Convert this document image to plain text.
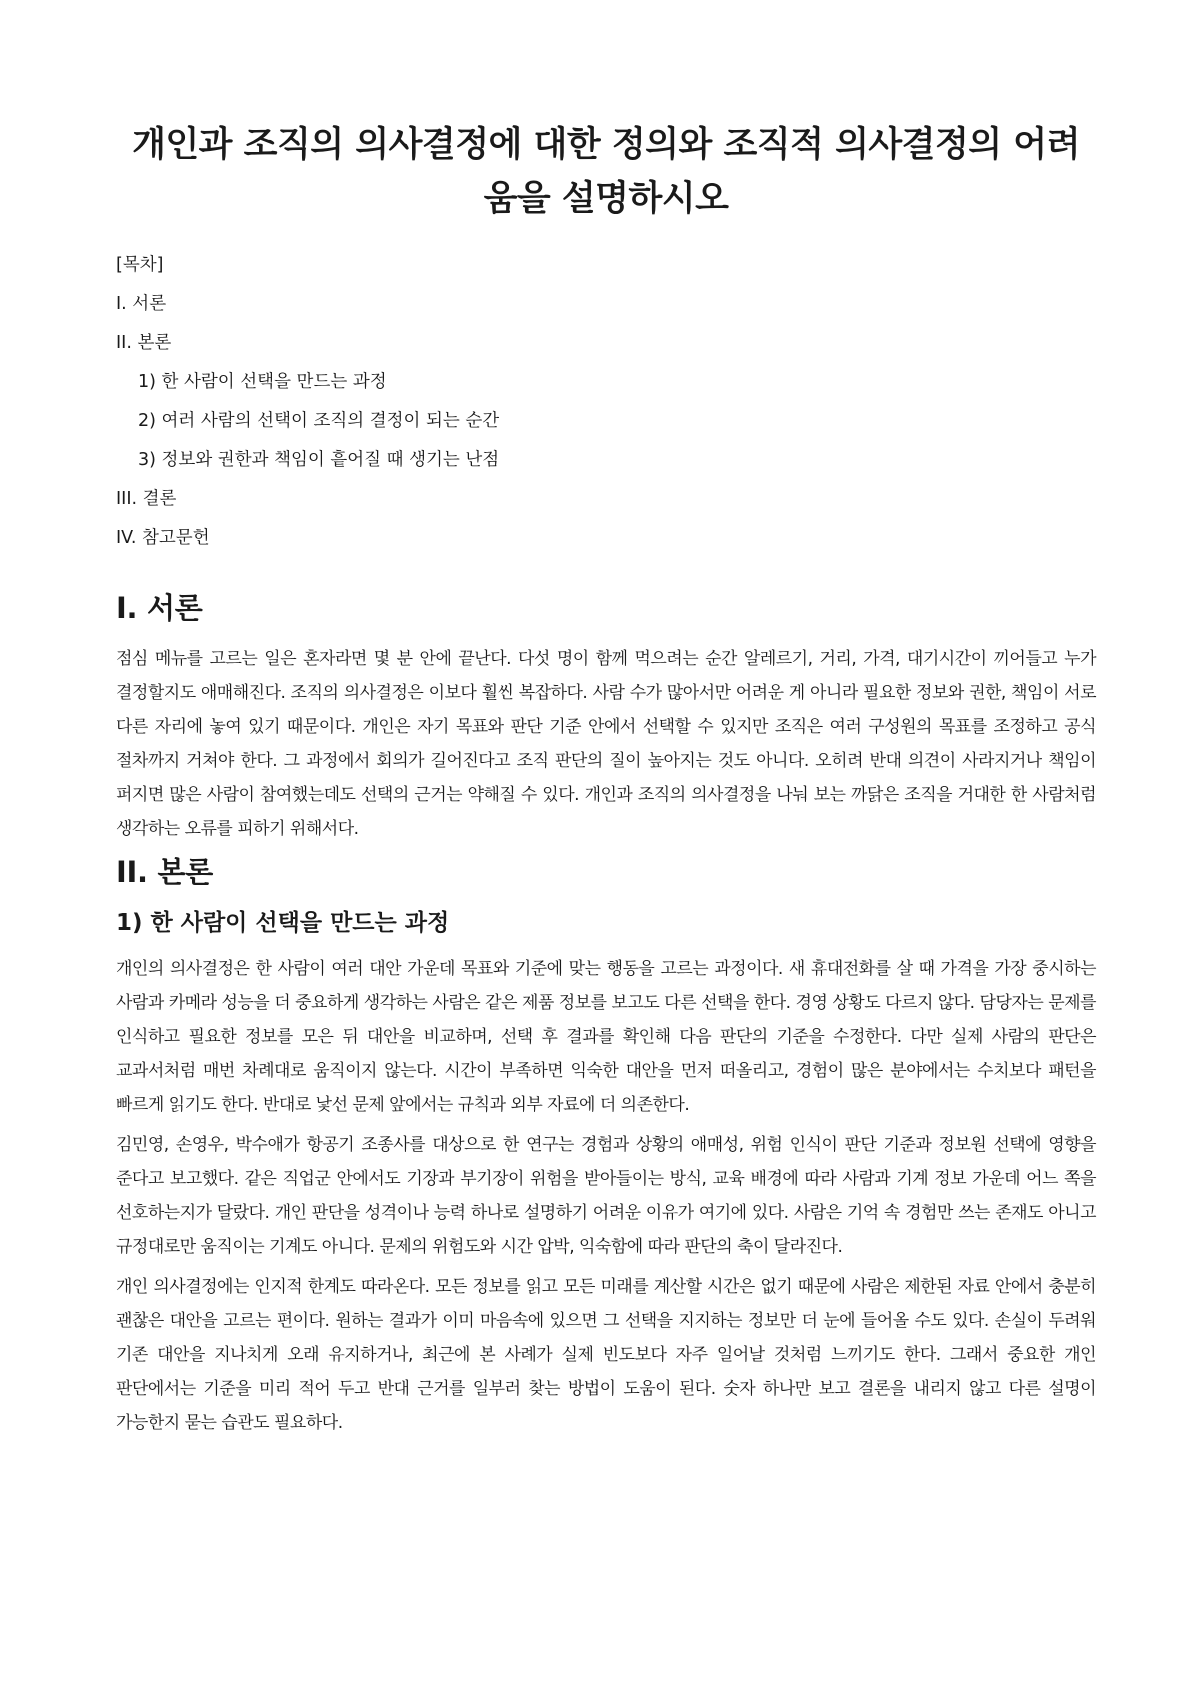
개인과 조직의 의사결정에 대한 정의와 조직적 의사결정의 어려움을 설명하시오
[목차]
I. 서론
II. 본론
1) 한 사람이 선택을 만드는 과정
2) 여러 사람의 선택이 조직의 결정이 되는 순간
3) 정보와 권한과 책임이 흩어질 때 생기는 난점
III. 결론
IV. 참고문헌
I. 서론

점심 메뉴를 고르는 일은 혼자라면 몇 분 안에 끝난다. 다섯 명이 함께 먹으려는 순간 알레르기, 거리, 가격, 대기시간이 끼어들고 누가 결정할지도 애매해진다. 조직의 의사결정은 이보다 훨씬 복잡하다. 사람 수가 많아서만 어려운 게 아니라 필요한 정보와 권한, 책임이 서로 다른 자리에 놓여 있기 때문이다. 개인은 자기 목표와 판단 기준 안에서 선택할 수 있지만 조직은 여러 구성원의 목표를 조정하고 공식 절차까지 거쳐야 한다. 그 과정에서 회의가 길어진다고 조직 판단의 질이 높아지는 것도 아니다. 오히려 반대 의견이 사라지거나 책임이 퍼지면 많은 사람이 참여했는데도 선택의 근거는 약해질 수 있다. 개인과 조직의 의사결정을 나눠 보는 까닭은 조직을 거대한 한 사람처럼 생각하는 오류를 피하기 위해서다.

II. 본론
1) 한 사람이 선택을 만드는 과정

개인의 의사결정은 한 사람이 여러 대안 가운데 목표와 기준에 맞는 행동을 고르는 과정이다. 새 휴대전화를 살 때 가격을 가장 중시하는 사람과 카메라 성능을 더 중요하게 생각하는 사람은 같은 제품 정보를 보고도 다른 선택을 한다. 경영 상황도 다르지 않다. 담당자는 문제를 인식하고 필요한 정보를 모은 뒤 대안을 비교하며, 선택 후 결과를 확인해 다음 판단의 기준을 수정한다. 다만 실제 사람의 판단은 교과서처럼 매번 차례대로 움직이지 않는다. 시간이 부족하면 익숙한 대안을 먼저 떠올리고, 경험이 많은 분야에서는 수치보다 패턴을 빠르게 읽기도 한다. 반대로 낯선 문제 앞에서는 규칙과 외부 자료에 더 의존한다.

김민영, 손영우, 박수애가 항공기 조종사를 대상으로 한 연구는 경험과 상황의 애매성, 위험 인식이 판단 기준과 정보원 선택에 영향을 준다고 보고했다. 같은 직업군 안에서도 기장과 부기장이 위험을 받아들이는 방식, 교육 배경에 따라 사람과 기계 정보 가운데 어느 쪽을 선호하는지가 달랐다. 개인 판단을 성격이나 능력 하나로 설명하기 어려운 이유가 여기에 있다. 사람은 기억 속 경험만 쓰는 존재도 아니고 규정대로만 움직이는 기계도 아니다. 문제의 위험도와 시간 압박, 익숙함에 따라 판단의 축이 달라진다.

개인 의사결정에는 인지적 한계도 따라온다. 모든 정보를 읽고 모든 미래를 계산할 시간은 없기 때문에 사람은 제한된 자료 안에서 충분히 괜찮은 대안을 고르는 편이다. 원하는 결과가 이미 마음속에 있으면 그 선택을 지지하는 정보만 더 눈에 들어올 수도 있다. 손실이 두려워 기존 대안을 지나치게 오래 유지하거나, 최근에 본 사례가 실제 빈도보다 자주 일어날 것처럼 느끼기도 한다. 그래서 중요한 개인 판단에서는 기준을 미리 적어 두고 반대 근거를 일부러 찾는 방법이 도움이 된다. 숫자 하나만 보고 결론을 내리지 않고 다른 설명이 가능한지 묻는 습관도 필요하다.
